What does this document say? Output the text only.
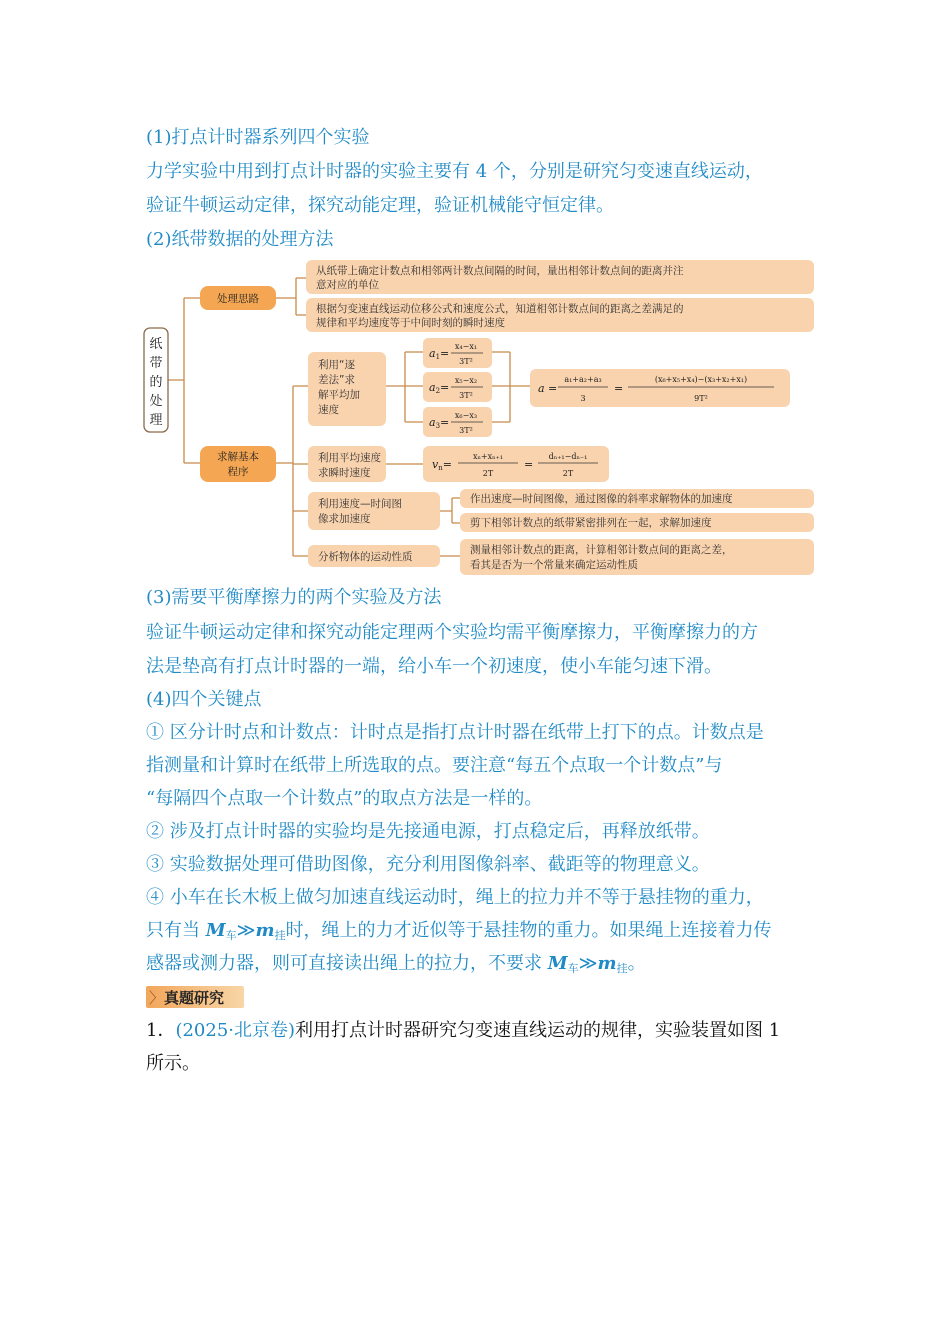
(1)打点计时器系列四个实验
力学实验中用到打点计时器的实验主要有 4 个，分别是研究匀变速直线运动，
验证牛顿运动定律，探究动能定理，验证机械能守恒定律。
(2)纸带数据的处理方法
纸
带
的
处
理
处理思路
从纸带上确定计数点和相邻两计数点间隔的时间，量出相邻计数点间的距离并注
意对应的单位
根据匀变速直线运动位移公式和速度公式，知道相邻计数点间的距离之差满足的
规律和平均速度等于中间时刻的瞬时速度
求解基本
程序
利用“逐
差法”求
解平均加
速度
a1=
x₄−x₁
3T²
a2=
x₅−x₂
3T²
a3=
x₆−x₃
3T²
a =
a₁+a₂+a₃
3
=
(x₆+x₅+x₄)−(x₃+x₂+x₁)
9T²
利用平均速度
求瞬时速度
vn=
xₙ+xₙ₊₁
2T
=
dₙ₊₁−dₙ₋₁
2T
利用速度—时间图
像求加速度
作出速度—时间图像，通过图像的斜率求解物体的加速度
剪下相邻计数点的纸带紧密排列在一起，求解加速度
分析物体的运动性质
测量相邻计数点的距离，计算相邻计数点间的距离之差，
看其是否为一个常量来确定运动性质
(3)需要平衡摩擦力的两个实验及方法
验证牛顿运动定律和探究动能定理两个实验均需平衡摩擦力，平衡摩擦力的方
法是垫高有打点计时器的一端，给小车一个初速度，使小车能匀速下滑。
(4)四个关键点
① 区分计时点和计数点：计时点是指打点计时器在纸带上打下的点。计数点是
指测量和计算时在纸带上所选取的点。要注意“每五个点取一个计数点”与
“每隔四个点取一个计数点”的取点方法是一样的。
② 涉及打点计时器的实验均是先接通电源，打点稳定后，再释放纸带。
③ 实验数据处理可借助图像，充分利用图像斜率、截距等的物理意义。
④ 小车在长木板上做匀加速直线运动时，绳上的拉力并不等于悬挂物的重力，
只有当 $M_车≫m_挂$时，绳上的力才近似等于悬挂物的重力。如果绳上连接着力传
感器或测力器，则可直接读出绳上的拉力，不要求 $M_车≫m_挂$。
〉 真题研究
1．(2025·北京卷)利用打点计时器研究匀变速直线运动的规律，实验装置如图 1
所示。
